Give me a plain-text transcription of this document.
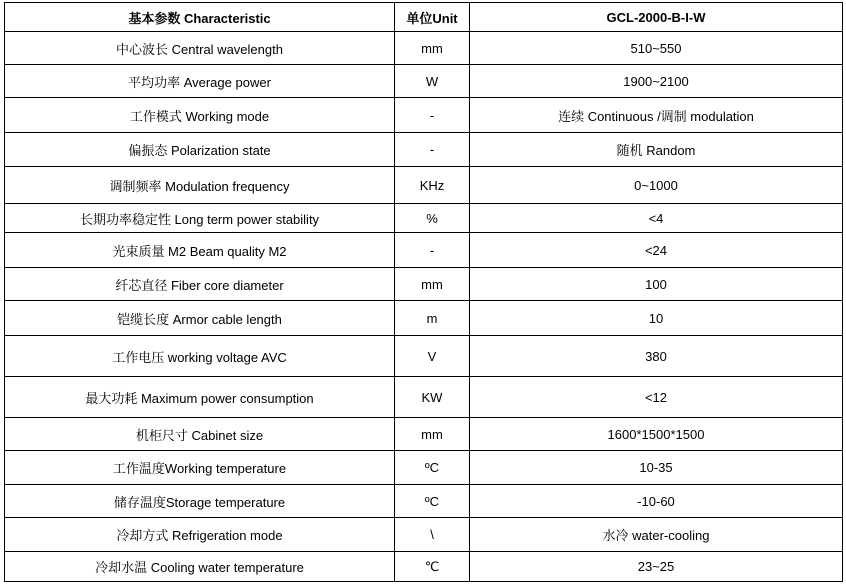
基本参数 Characteristic	单位Unit	GCL-2000-B-I-W
中心波长 Central wavelength	mm	510~550
平均功率 Average power	W	1900~2100
工作模式 Working mode	-	连续 Continuous /调制 modulation
偏振态 Polarization state	-	随机 Random
调制频率 Modulation frequency	KHz	0~1000
长期功率稳定性 Long term power stability	%	<4
光束质量 M2 Beam quality M2	-	<24
纤芯直径 Fiber core diameter	mm	100
铠缆长度 Armor cable length	m	10
工作电压 working voltage AVC	V	380
最大功耗 Maximum power consumption	KW	<12
机柜尺寸 Cabinet size	mm	1600*1500*1500
工作温度Working temperature	ºC	10-35
储存温度Storage temperature	ºC	-10-60
冷却方式 Refrigeration mode	\	水冷 water-cooling
冷却水温 Cooling water temperature	℃	23~25
